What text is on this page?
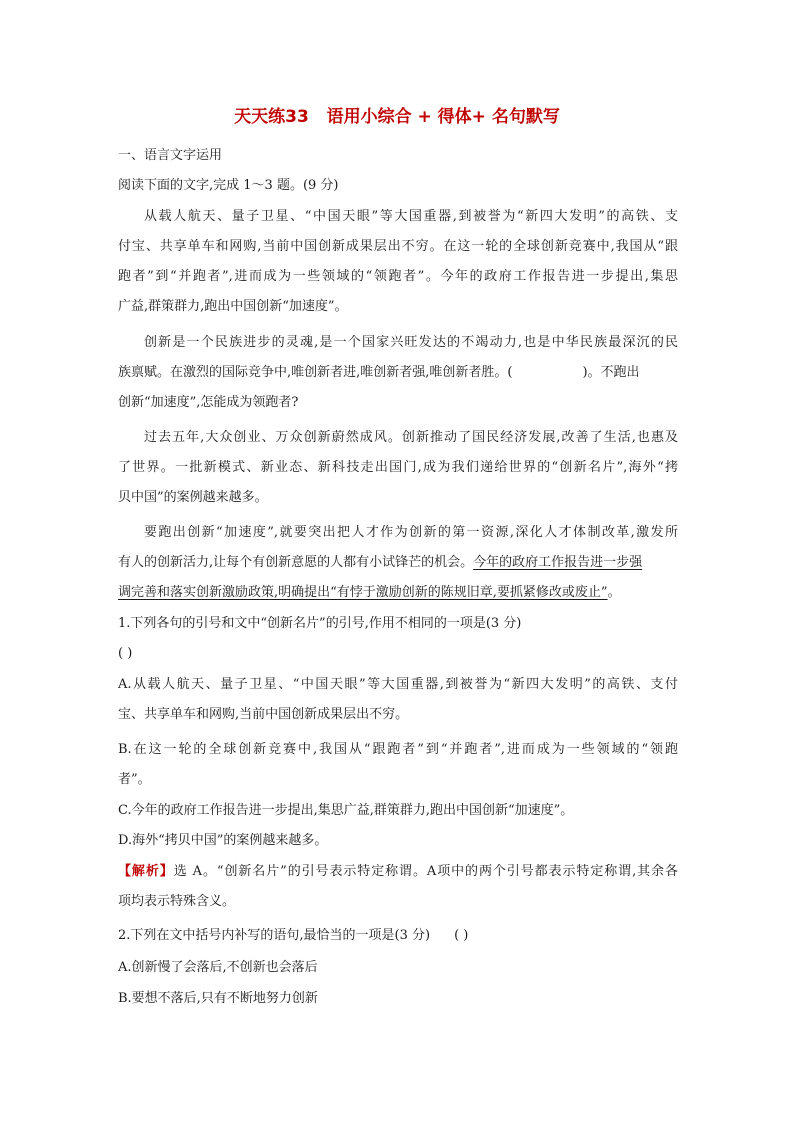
天天练33 语用小综合 + 得体+ 名句默写
一、语言文字运用
阅读下面的文字,完成 1～3 题。(9 分)
从载人航天、量子卫星、“中国天眼”等大国重器,到被誉为“新四大发明”的高铁、支
付宝、共享单车和网购,当前中国创新成果层出不穷。在这一轮的全球创新竞赛中,我国从“跟
跑者”到“并跑者”,进而成为一些领域的“领跑者”。今年的政府工作报告进一步提出,集思
广益,群策群力,跑出中国创新“加速度”。
创新是一个民族进步的灵魂,是一个国家兴旺发达的不竭动力,也是中华民族最深沉的民
族禀赋。在激烈的国际竞争中,唯创新者进,唯创新者强,唯创新者胜。(	)。不跑出
创新“加速度”,怎能成为领跑者?
过去五年,大众创业、万众创新蔚然成风。创新推动了国民经济发展,改善了生活,也惠及
了世界。一批新模式、新业态、新科技走出国门,成为我们递给世界的“创新名片”,海外“拷
贝中国”的案例越来越多。
要跑出创新“加速度”,就要突出把人才作为创新的第一资源,深化人才体制改革,激发所
有人的创新活力,让每个有创新意愿的人都有小试锋芒的机会。今年的政府工作报告进一步强
调完善和落实创新激励政策,明确提出“有悖于激励创新的陈规旧章,要抓紧修改或废止”。
1.下列各句的引号和文中“创新名片”的引号,作用不相同的一项是(3 分)
( )
A.从载人航天、量子卫星、“中国天眼”等大国重器,到被誉为“新四大发明”的高铁、支付
宝、共享单车和网购,当前中国创新成果层出不穷。
B.在这一轮的全球创新竞赛中,我国从“跟跑者”到“并跑者”,进而成为一些领域的“领跑
者”。
C.今年的政府工作报告进一步提出,集思广益,群策群力,跑出中国创新“加速度”。
D.海外“拷贝中国”的案例越来越多。
【解析】选 A。“创新名片”的引号表示特定称谓。A项中的两个引号都表示特定称谓,其余各
项均表示特殊含义。
2.下列在文中括号内补写的语句,最恰当的一项是(3 分) ( )
A.创新慢了会落后,不创新也会落后
B.要想不落后,只有不断地努力创新
